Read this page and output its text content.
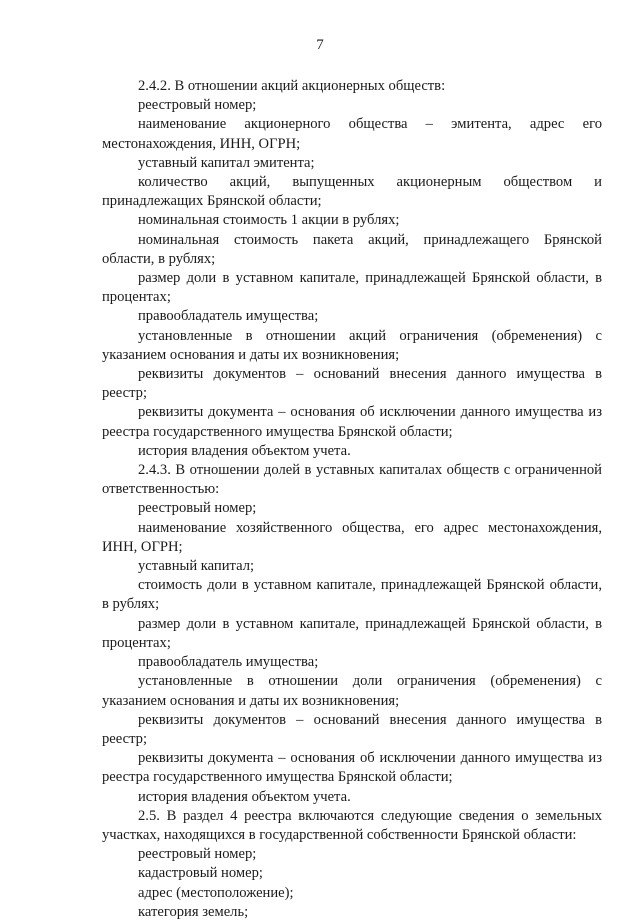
7

2.4.2. В отношении акций акционерных обществ:

реестровый номер;

наименование акционерного общества – эмитента, адрес его местонахождения, ИНН, ОГРН;

уставный капитал эмитента;

количество акций, выпущенных акционерным обществом и принадлежащих Брянской области;

номинальная стоимость 1 акции в рублях;

номинальная стоимость пакета акций, принадлежащего Брянской области, в рублях;

размер доли в уставном капитале, принадлежащей Брянской области, в процентах;

правообладатель имущества;

установленные в отношении акций ограничения (обременения) с указанием основания и даты их возникновения;

реквизиты документов – оснований внесения данного имущества в реестр;

реквизиты документа – основания об исключении данного имущества из реестра государственного имущества Брянской области;

история владения объектом учета.

2.4.3. В отношении долей в уставных капиталах обществ с ограниченной ответственностью:

реестровый номер;

наименование хозяйственного общества, его адрес местонахождения, ИНН, ОГРН;

уставный капитал;

стоимость доли в уставном капитале, принадлежащей Брянской области, в рублях;

размер доли в уставном капитале, принадлежащей Брянской области, в процентах;

правообладатель имущества;

установленные в отношении доли ограничения (обременения) с указанием основания и даты их возникновения;

реквизиты документов – оснований внесения данного имущества в реестр;

реквизиты документа – основания об исключении данного имущества из реестра государственного имущества Брянской области;

история владения объектом учета.

2.5. В раздел 4 реестра включаются следующие сведения о земельных участках, находящихся в государственной собственности Брянской области:

реестровый номер;

кадастровый номер;

адрес (местоположение);

категория земель;
